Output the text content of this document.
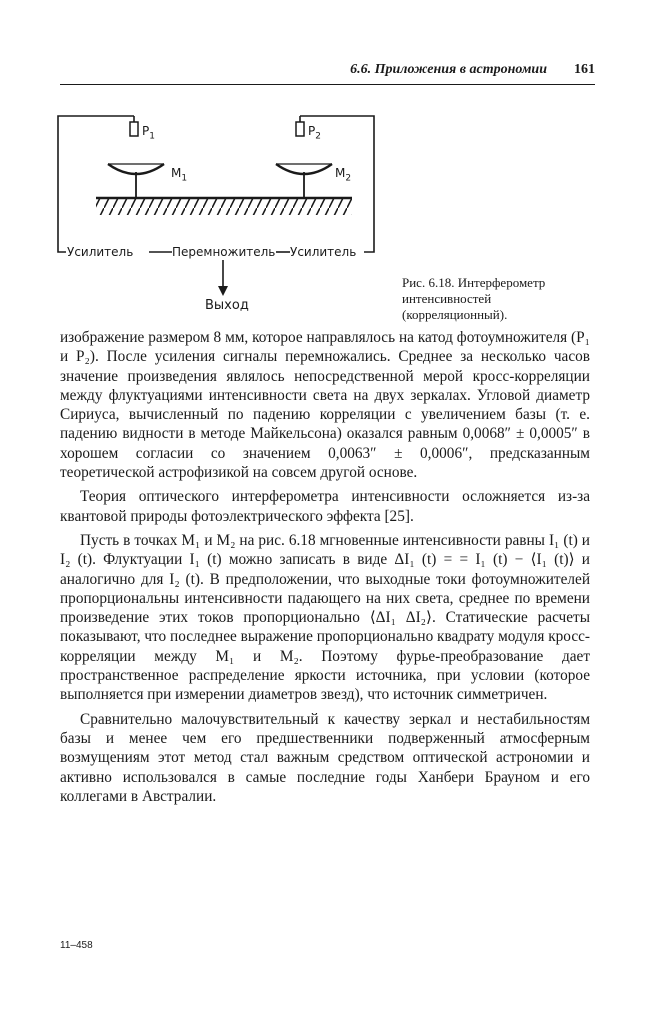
6.6. Приложения в астрономии 161
$P_1$	$P_2$
$M_1$	$M_2$
Усилитель	Перемножитель Усилитель
Выход
Рис. 6.18. Интерферометр интенсивностей (корреляционный).

изображение размером 8 мм, которое направлялось на катод фотоумножителя (P₁ и P₂). После усиления сигналы перемножались. Среднее за несколько часов значение произведения являлось непосредственной мерой кросс-корреляции между флуктуациями интенсивности света на двух зеркалах. Угловой диаметр Сириуса, вычисленный по падению корреляции с увеличением базы (т. е. падению видности в методе Майкельсона) оказался равным 0,0068″ ± 0,0005″ в хорошем согласии со значением 0,0063″ ± 0,0006″, предсказанным теоретической астрофизикой на совсем другой основе.

Теория оптического интерферометра интенсивности осложняется из-за квантовой природы фотоэлектрического эффекта [25].

Пусть в точках M₁ и M₂ на рис. 6.18 мгновенные интенсивности равны I₁ (t) и I₂ (t). Флуктуации I₁ (t) можно записать в виде ΔI₁ (t) = = I₁ (t) − ⟨I₁ (t)⟩ и аналогично для I₂ (t). В предположении, что выходные токи фотоумножителей пропорциональны интенсивности падающего на них света, среднее по времени произведение этих токов пропорционально ⟨ΔI₁ ΔI₂⟩. Статические расчеты показывают, что последнее выражение пропорционально квадрату модуля кросс-корреляции между M₁ и M₂. Поэтому фурье-преобразование дает пространственное распределение яркости источника, при условии (которое выполняется при измерении диаметров звезд), что источник симметричен.

Сравнительно малочувствительный к качеству зеркал и нестабильностям базы и менее чем его предшественники подверженный атмосферным возмущениям этот метод стал важным средством оптической астрономии и активно использовался в самые последние годы Ханбери Брауном и его коллегами в Австралии.

11–458
